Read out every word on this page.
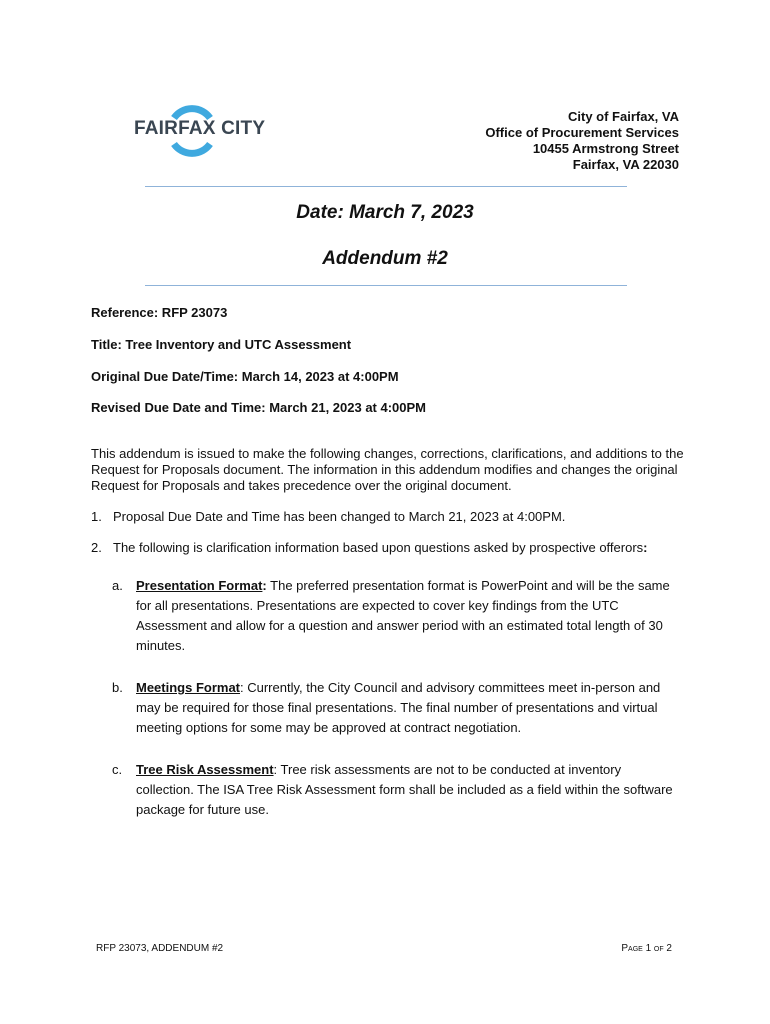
FAIRFAX CITY
City of Fairfax, VA
Office of Procurement Services
10455 Armstrong Street
Fairfax, VA 22030
Date: March 7, 2023
Addendum #2
Reference: RFP 23073
Title: Tree Inventory and UTC Assessment
Original Due Date/Time: March 14, 2023 at 4:00PM
Revised Due Date and Time: March 21, 2023 at 4:00PM
This addendum is issued to make the following changes, corrections, clarifications, and additions to the Request for Proposals document. The information in this addendum modifies and changes the original Request for Proposals and takes precedence over the original document.
1. Proposal Due Date and Time has been changed to March 21, 2023 at 4:00PM.
2. The following is clarification information based upon questions asked by prospective offerors:
a. Presentation Format: The preferred presentation format is PowerPoint and will be the same for all presentations. Presentations are expected to cover key findings from the UTC Assessment and allow for a question and answer period with an estimated total length of 30 minutes.
b. Meetings Format: Currently, the City Council and advisory committees meet in-person and may be required for those final presentations. The final number of presentations and virtual meeting options for some may be approved at contract negotiation.
c. Tree Risk Assessment: Tree risk assessments are not to be conducted at inventory collection. The ISA Tree Risk Assessment form shall be included as a field within the software package for future use.
RFP 23073, ADDENDUM #2	Page 1 of 2
